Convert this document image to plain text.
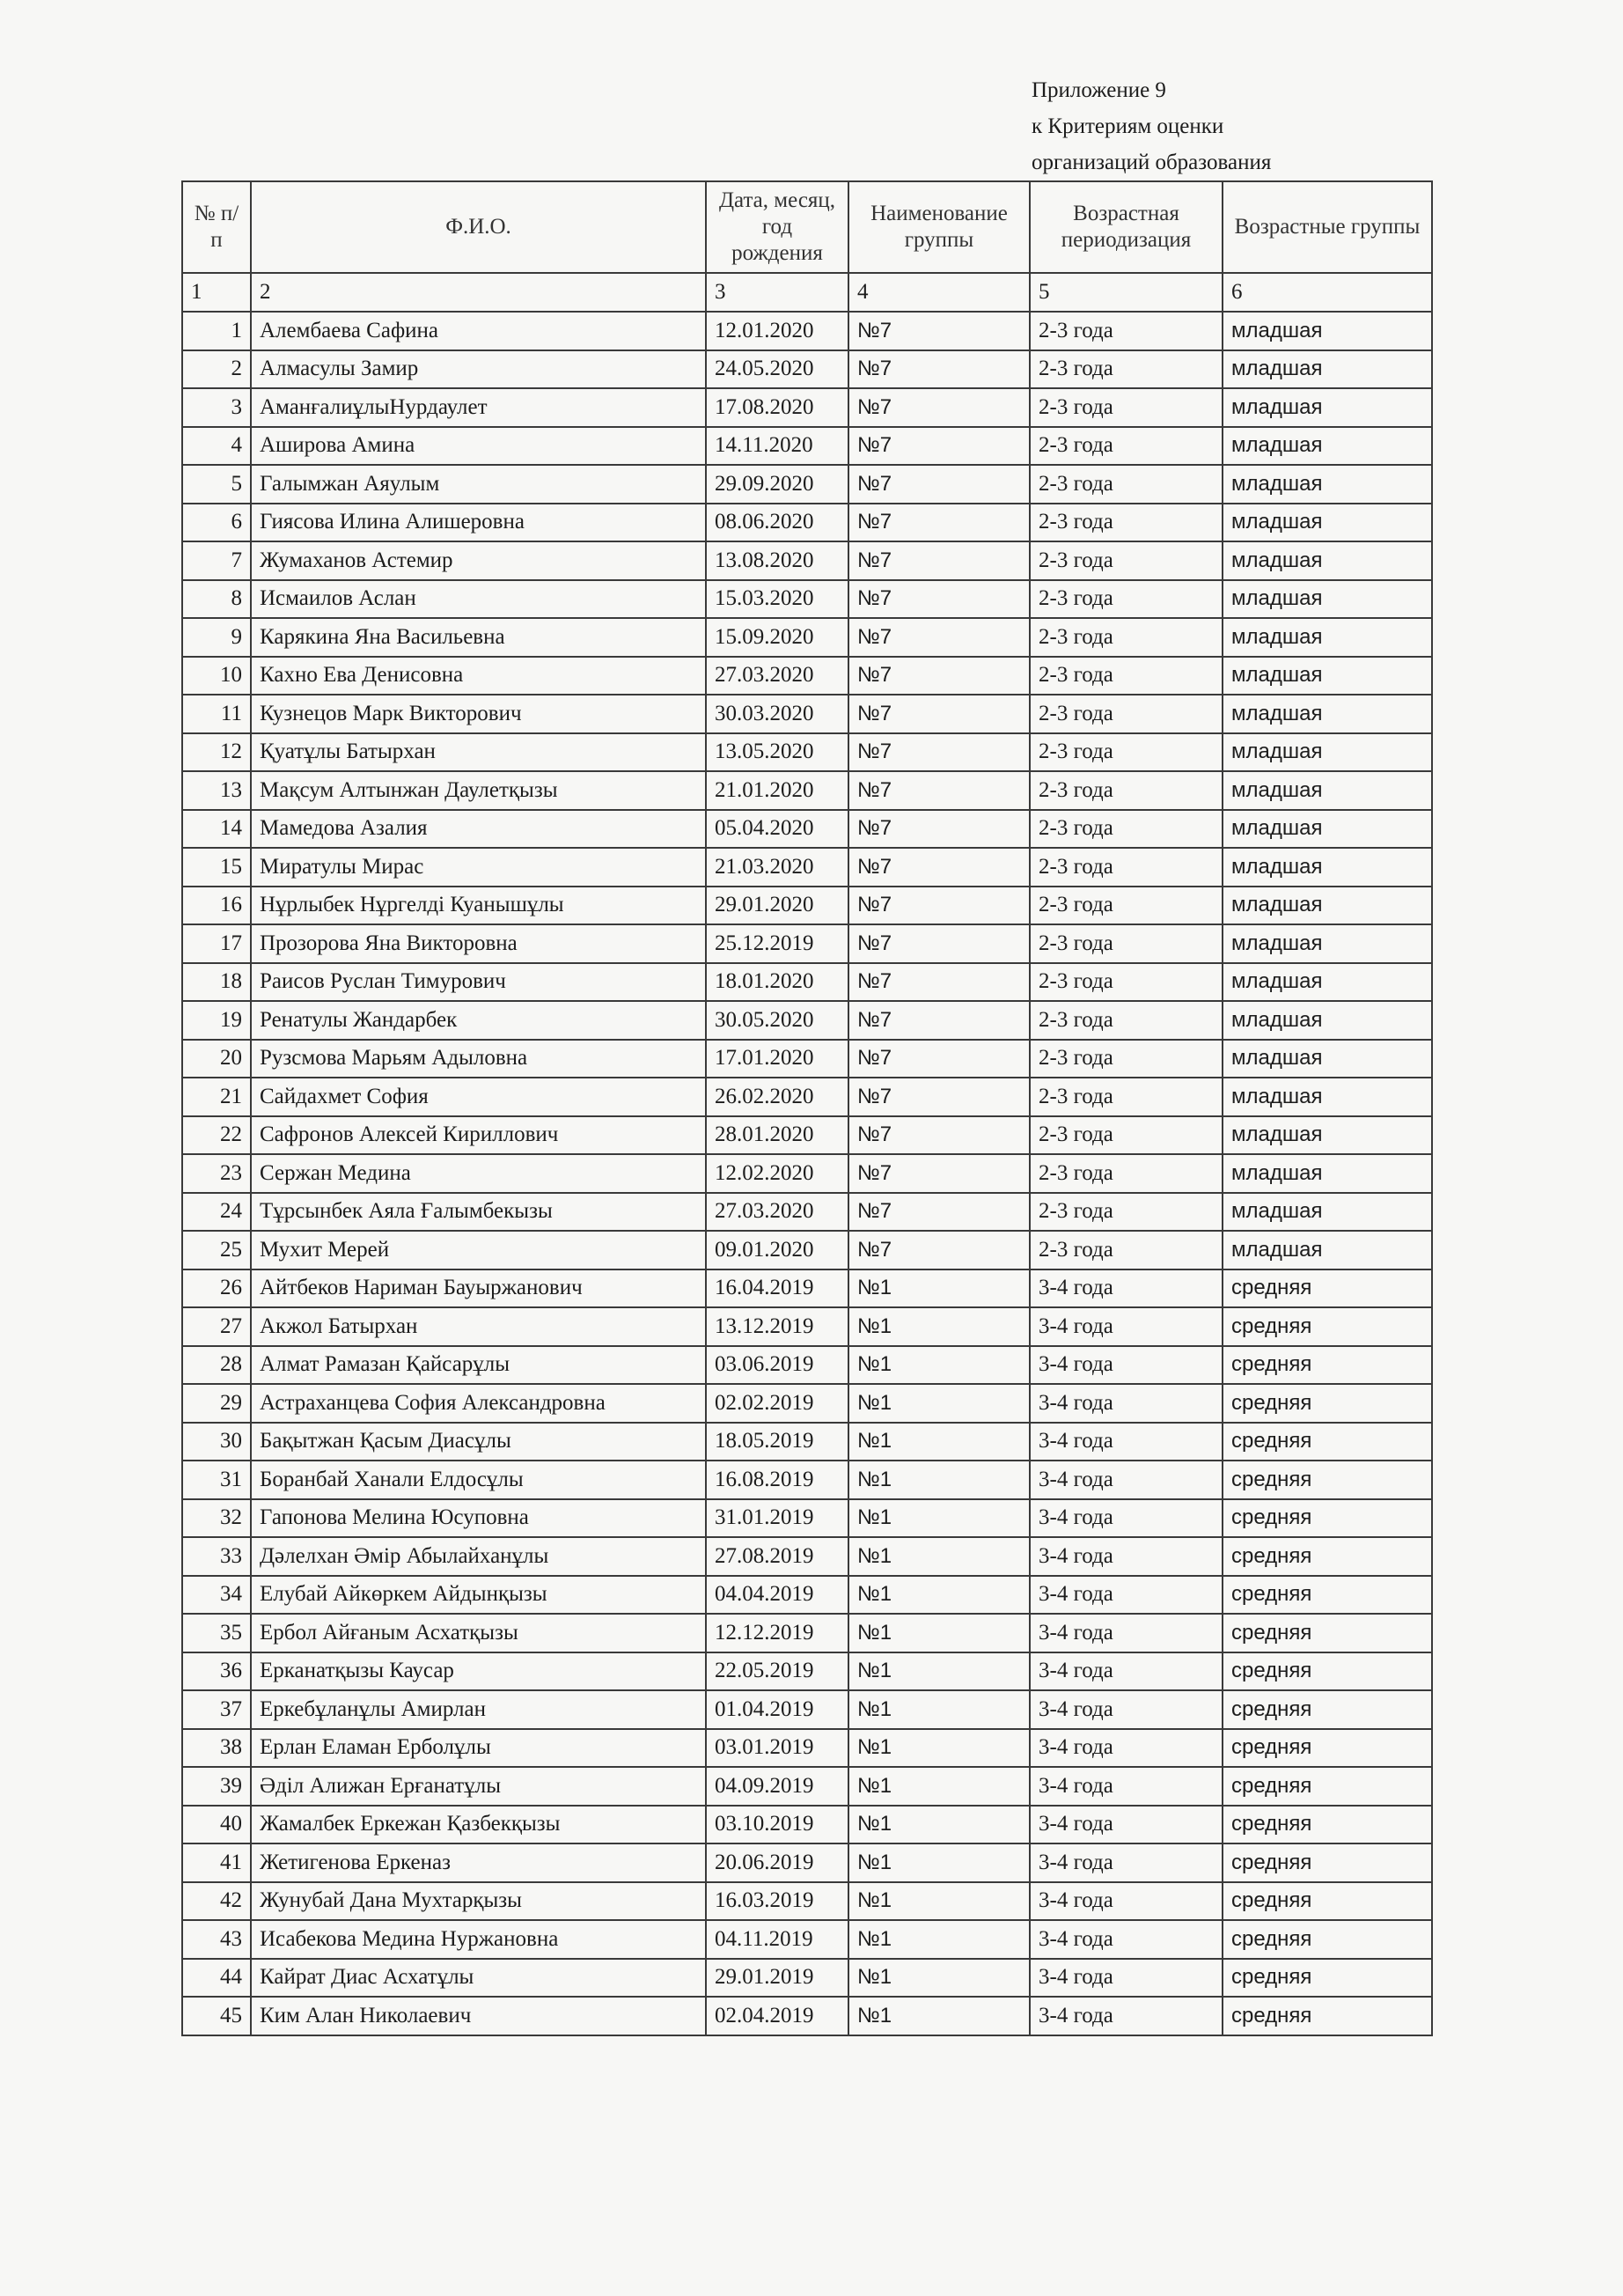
Приложение 9
к Критериям оценки
организаций образования
№ п/п	Ф.И.О.	Дата, месяц, год рождения	Наименование группы	Возрастная периодизация	Возрастные группы
1	2	3	4	5	6
1	Алембаева Сафина	12.01.2020	№7	2-3 года	младшая
2	Алмасулы Замир	24.05.2020	№7	2-3 года	младшая
3	АманғалиұлыНурдаулет	17.08.2020	№7	2-3 года	младшая
4	Аширова Амина	14.11.2020	№7	2-3 года	младшая
5	Галымжан Аяулым	29.09.2020	№7	2-3 года	младшая
6	Гиясова Илина Алишеровна	08.06.2020	№7	2-3 года	младшая
7	Жумаханов Астемир	13.08.2020	№7	2-3 года	младшая
8	Исмаилов Аслан	15.03.2020	№7	2-3 года	младшая
9	Карякина Яна Васильевна	15.09.2020	№7	2-3 года	младшая
10	Кахно Ева Денисовна	27.03.2020	№7	2-3 года	младшая
11	Кузнецов Марк Викторович	30.03.2020	№7	2-3 года	младшая
12	Қуатұлы Батырхан	13.05.2020	№7	2-3 года	младшая
13	Мақсум Алтынжан Даулетқызы	21.01.2020	№7	2-3 года	младшая
14	Мамедова Азалия	05.04.2020	№7	2-3 года	младшая
15	Миратулы Мирас	21.03.2020	№7	2-3 года	младшая
16	Нұрлыбек Нұргелді Куанышұлы	29.01.2020	№7	2-3 года	младшая
17	Прозорова Яна Викторовна	25.12.2019	№7	2-3 года	младшая
18	Раисов Руслан Тимурович	18.01.2020	№7	2-3 года	младшая
19	Ренатулы Жандарбек	30.05.2020	№7	2-3 года	младшая
20	Рузсмова Марьям Адыловна	17.01.2020	№7	2-3 года	младшая
21	Сайдахмет София	26.02.2020	№7	2-3 года	младшая
22	Сафронов Алексей Кириллович	28.01.2020	№7	2-3 года	младшая
23	Сержан Медина	12.02.2020	№7	2-3 года	младшая
24	Тұрсынбек Аяла Ғалымбекызы	27.03.2020	№7	2-3 года	младшая
25	Мухит Мерей	09.01.2020	№7	2-3 года	младшая
26	Айтбеков Нариман Бауыржанович	16.04.2019	№1	3-4 года	средняя
27	Акжол Батырхан	13.12.2019	№1	3-4 года	средняя
28	Алмат Рамазан Қайсарұлы	03.06.2019	№1	3-4 года	средняя
29	Астраханцева София Александровна	02.02.2019	№1	3-4 года	средняя
30	Бақытжан Қасым Диасұлы	18.05.2019	№1	3-4 года	средняя
31	Боранбай Ханали Елдосұлы	16.08.2019	№1	3-4 года	средняя
32	Гапонова Мелина Юсуповна	31.01.2019	№1	3-4 года	средняя
33	Дәлелхан Әмір Абылайханұлы	27.08.2019	№1	3-4 года	средняя
34	Елубай Айкөркем Айдынқызы	04.04.2019	№1	3-4 года	средняя
35	Ербол Айғаным Асхатқызы	12.12.2019	№1	3-4 года	средняя
36	Ерканатқызы Каусар	22.05.2019	№1	3-4 года	средняя
37	Еркебұланұлы Амирлан	01.04.2019	№1	3-4 года	средняя
38	Ерлан Еламан Ерболұлы	03.01.2019	№1	3-4 года	средняя
39	Әділ Алижан Ерғанатұлы	04.09.2019	№1	3-4 года	средняя
40	Жамалбек Еркежан Қазбекқызы	03.10.2019	№1	3-4 года	средняя
41	Жетигенова Еркеназ	20.06.2019	№1	3-4 года	средняя
42	Жунубай Дана Мухтарқызы	16.03.2019	№1	3-4 года	средняя
43	Исабекова Медина Нуржановна	04.11.2019	№1	3-4 года	средняя
44	Кайрат Диас Асхатұлы	29.01.2019	№1	3-4 года	средняя
45	Ким Алан Николаевич	02.04.2019	№1	3-4 года	средняя
